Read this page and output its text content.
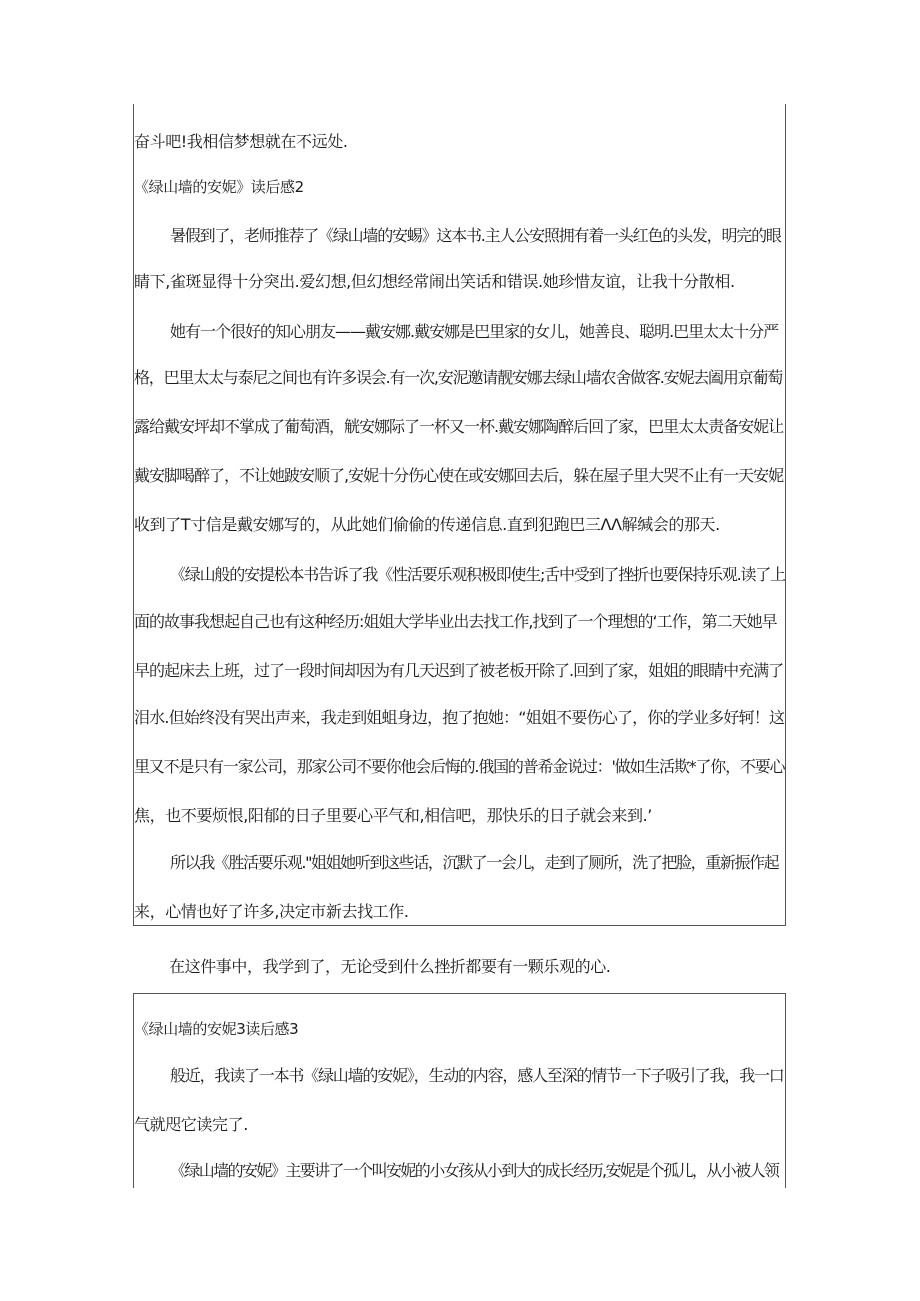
奋斗吧!我相信梦想就在不远处.
《绿山墙的安妮》读后感2
暑假到了，老师推荐了《绿山墙的安蜴》这本书.主人公安照拥有着一头红色的头发，明完的眼
睛下,雀斑显得十分突出.爱幻想,但幻想经常闹出笑话和错误.她珍惜友谊，让我十分散相.
她有一个很好的知心朋友——戴安娜.戴安娜是巴里家的女儿，她善良、聪明.巴里太太十分严
格，巴里太太与泰尼之间也有许多误会.有一次,安泥邀请靓安娜去绿山墙农舍做客.安妮去阖用京葡萄
露给戴安坪却不掌成了葡萄酒，觥安娜际了一杯又一杯.戴安娜陶醉后回了家，巴里太太责备安妮让
戴安脚喝醉了，不让她跛安顺了,安妮十分伤心使在或安娜回去后，躲在屋子里大哭不止有一天安妮
收到了T寸信是戴安娜写的，从此她们偷偷的传递信息.直到犯跑巴三ΛΛ解缄会的那天.
《绿山般的安提松本书告诉了我《性活要乐观积极即使生;舌中受到了挫折也要保持乐观.读了上
面的故事我想起自己也有这种经历:姐姐大学毕业出去找工作,找到了一个理想的‘工作，第二天她早
早的起床去上班，过了一段时间却因为有几天迟到了被老板开除了.回到了家，姐姐的眼睛中充满了
泪水.但始终没有哭出声来，我走到姐蛆身边，抱了抱她：“姐姐不要伤心了，你的学业多好轲！这
里又不是只有一家公司，那家公司不要你他会后悔的.俄国的普希金说过：'做如生活欺*了你，不要心
焦，也不要烦恨,阳郁的日子里要心平气和,相信吧，那快乐的日子就会来到.’
所以我《胜活要乐观."姐姐她听到这些话，沉默了一会儿，走到了厕所，洗了把脸，重新振作起
来，心情也好了许多,决定市新去找工作.
在这件事中，我学到了，无论受到什么挫折都要有一颗乐观的心.
《绿山墙的安妮3读后感3
般近，我读了一本书《绿山墙的安妮》，生动的内容，感人至深的情节一下子吸引了我，我一口
气就咫它读完了.
《绿山墙的安妮》主要讲了一个叫安妮的小女孩从小到大的成长经历,安妮是个孤儿，从小被人领
